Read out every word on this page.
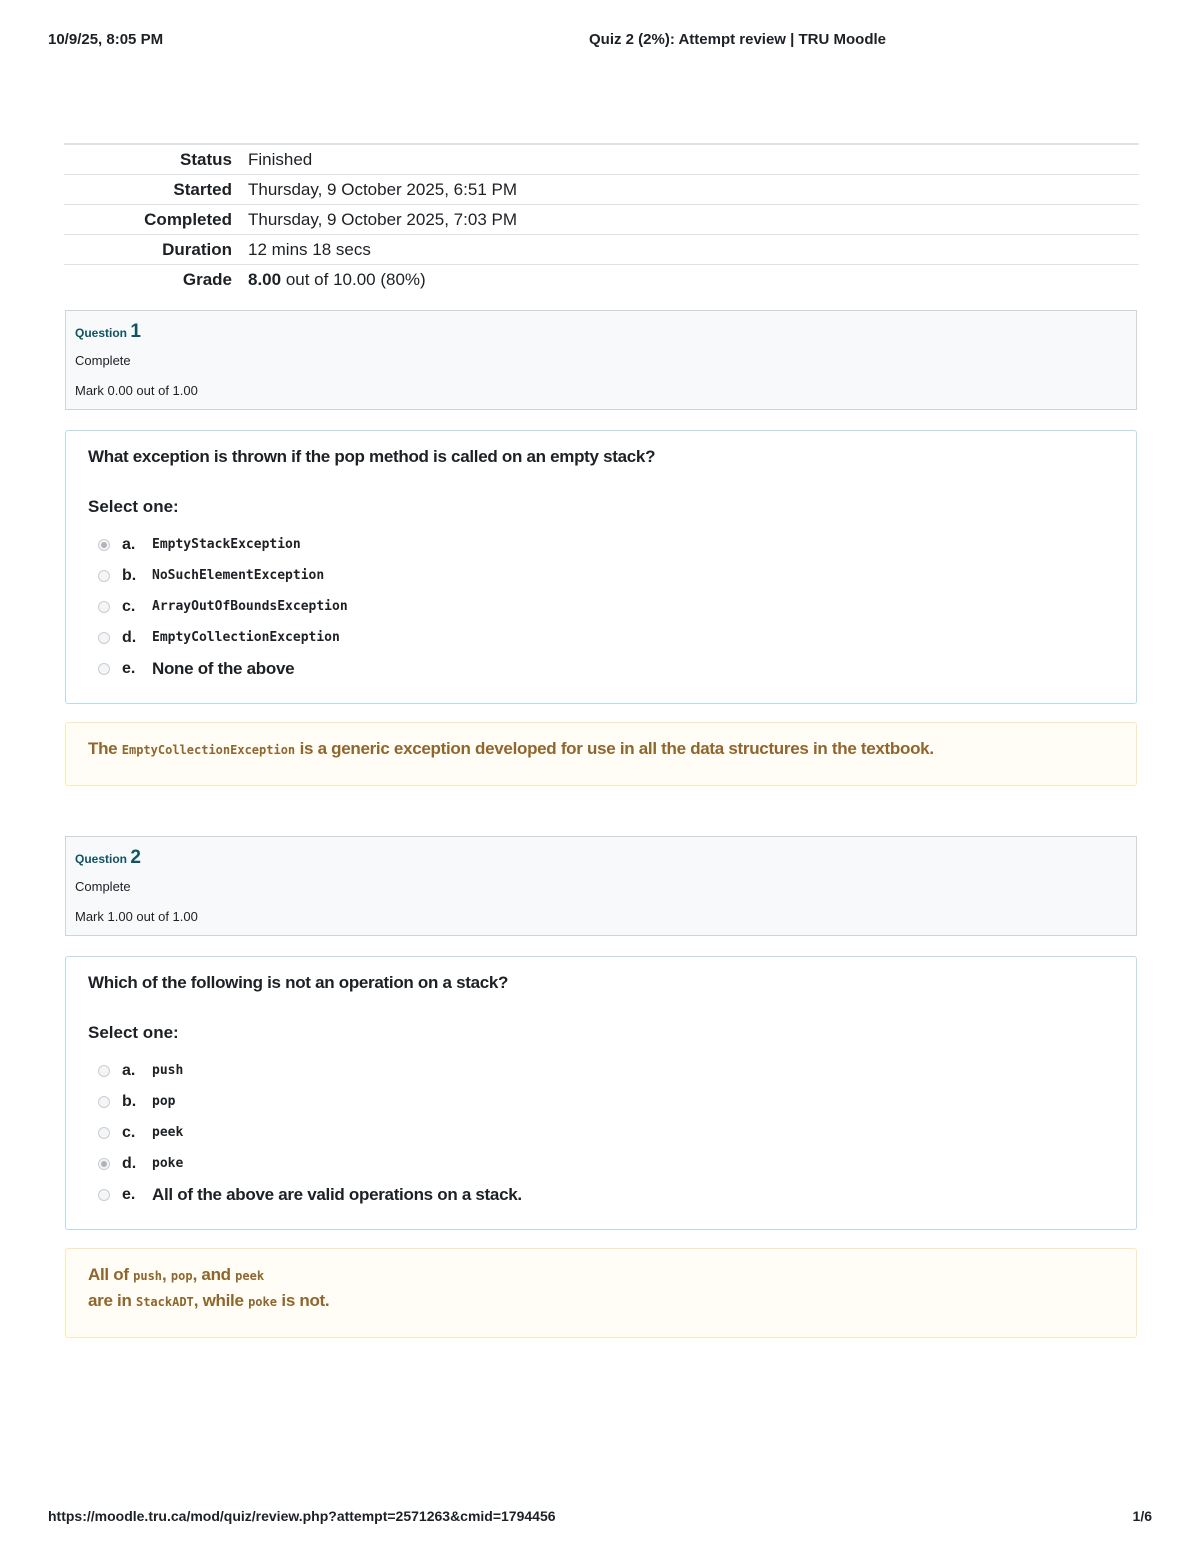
10/9/25, 8:05 PM	Quiz 2 (2%): Attempt review | TRU Moodle
Status	Finished
Started	Thursday, 9 October 2025, 6:51 PM
Completed	Thursday, 9 October 2025, 7:03 PM
Duration	12 mins 18 secs
Grade	8.00 out of 10.00 (80%)
Question 1
Complete
Mark 0.00 out of 1.00
What exception is thrown if the pop method is called on an empty stack?
Select one:
a.	EmptyStackException
b.	NoSuchElementException
c.	ArrayOutOfBoundsException
d.	EmptyCollectionException
e. None of the above
The EmptyCollectionException is a generic exception developed for use in all the data structures in the textbook.
Question 2
Complete
Mark 1.00 out of 1.00
Which of the following is not an operation on a stack?
Select one:
a.	push
b.	pop
c.	peek
d.	poke
e. All of the above are valid operations on a stack.
All of push, pop, and peek
are in StackADT, while poke is not.
https://moodle.tru.ca/mod/quiz/review.php?attempt=2571263&cmid=1794456	1/6
